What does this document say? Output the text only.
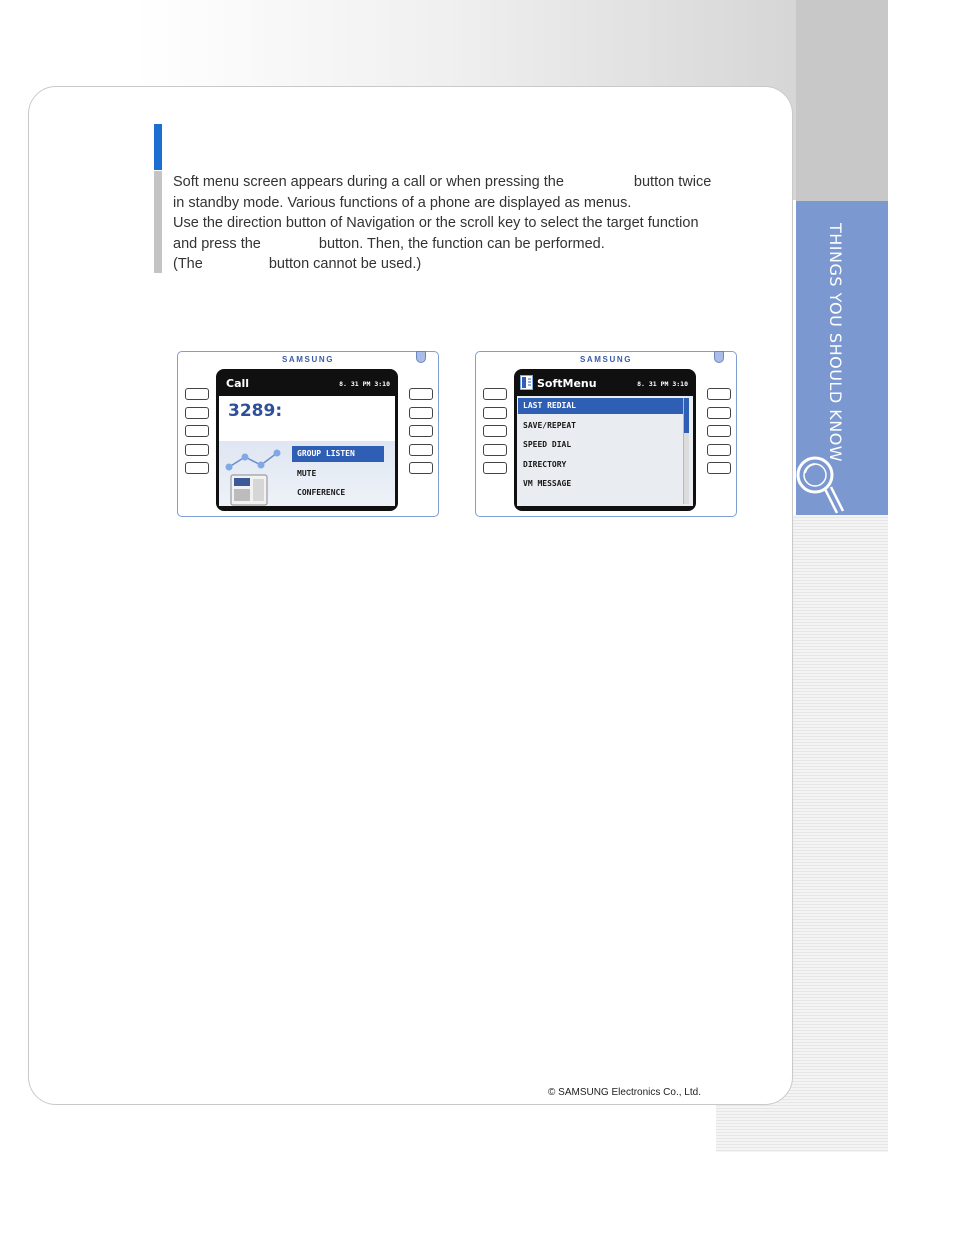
THINGS YOU SHOULD KNOW

Soft menu screen appears during a call or when pressing the	button twice

in standby mode. Various functions of a phone are displayed as menus.

Use the direction button of Navigation or the scroll key to select the target function

and press the	button. Then, the function can be performed.

(The	button cannot be used.)

SAMSUNG
Call	8. 31 PM 3:10
3289:
GROUP LISTEN
MUTE
CONFERENCE
SAMSUNG
SoftMenu	8. 31 PM 3:10
LAST REDIAL
SAVE/REPEAT
SPEED DIAL
DIRECTORY
VM MESSAGE
© SAMSUNG Electronics Co., Ltd.
